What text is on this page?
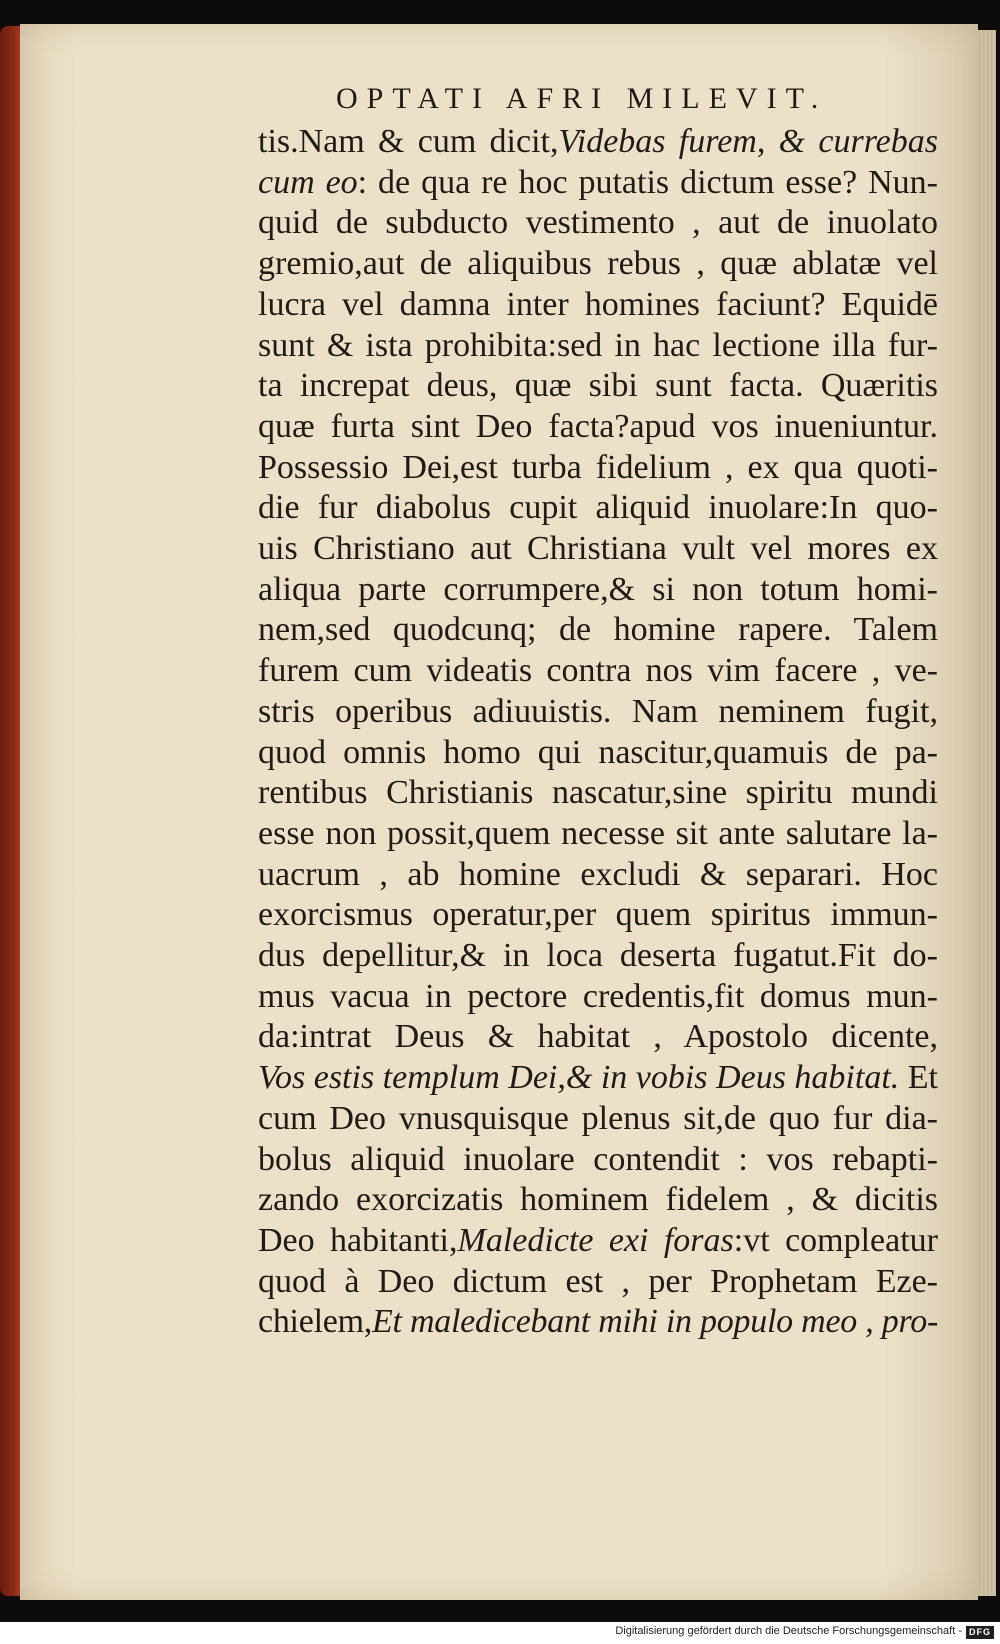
OPTATI AFRI MILEVIT.
tis.Nam & cum dicit,Videbas furem, & currebas
cum eo: de qua re hoc putatis dictum esse? Nun-
quid de subducto vestimento , aut de inuolato
gremio,aut de aliquibus rebus , quæ ablatæ vel
lucra vel damna inter homines faciunt? Equidē
sunt & ista prohibita:sed in hac lectione illa fur-
ta increpat deus, quæ sibi sunt facta. Quæritis
quæ furta sint Deo facta?apud vos inueniuntur.
Possessio Dei,est turba fidelium , ex qua quoti-
die fur diabolus cupit aliquid inuolare:In quo-
uis Christiano aut Christiana vult vel mores ex
aliqua parte corrumpere,& si non totum homi-
nem,sed quodcunq; de homine rapere. Talem
furem cum videatis contra nos vim facere , ve-
stris operibus adiuuistis. Nam neminem fugit,
quod omnis homo qui nascitur,quamuis de pa-
rentibus Christianis nascatur,sine spiritu mundi
esse non possit,quem necesse sit ante salutare la-
uacrum , ab homine excludi & separari. Hoc
exorcismus operatur,per quem spiritus immun-
dus depellitur,& in loca deserta fugatut.Fit do-
mus vacua in pectore credentis,fit domus mun-
da:intrat Deus & habitat , Apostolo dicente,
Vos estis templum Dei,& in vobis Deus habitat. Et
cum Deo vnusquisque plenus sit,de quo fur dia-
bolus aliquid inuolare contendit : vos rebapti-
zando exorcizatis hominem fidelem , & dicitis
Deo habitanti,Maledicte exi foras:vt compleatur
quod à Deo dictum est , per Prophetam Eze-
chielem,Et maledicebant mihi in populo meo , pro-
Digitalisierung gefördert durch die Deutsche Forschungsgemeinschaft - DFG
